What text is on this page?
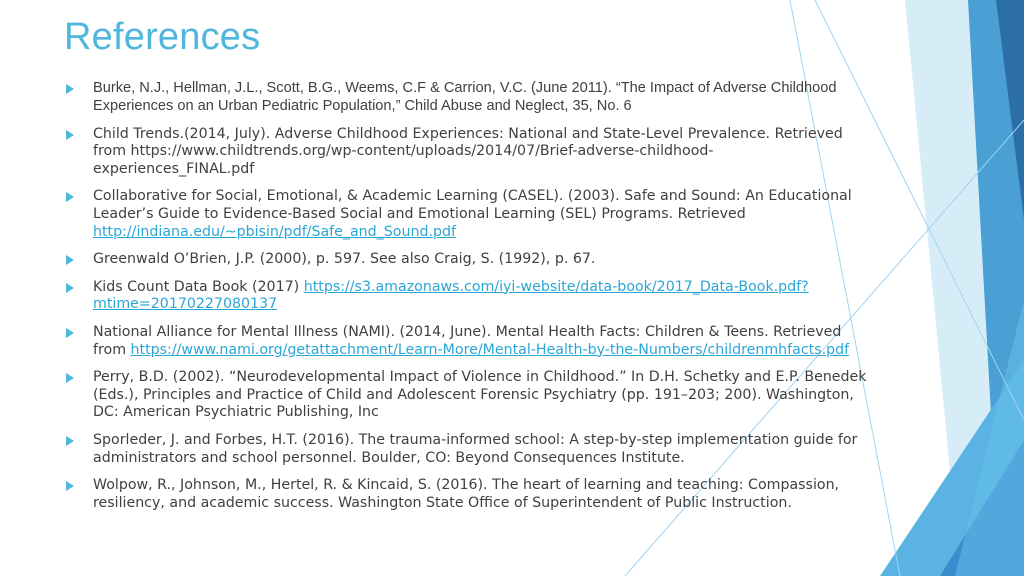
References
Burke, N.J., Hellman, J.L., Scott, B.G., Weems, C.F & Carrion, V.C. (June 2011). “The Impact of Adverse Childhood Experiences on an Urban Pediatric Population,” Child Abuse and Neglect, 35, No. 6
Child Trends.(2014, July). Adverse Childhood Experiences: National and State-Level Prevalence. Retrieved from https://www.childtrends.org/wp-content/uploads/2014/07/Brief-adverse-childhood-experiences_FINAL.pdf
Collaborative for Social, Emotional, & Academic Learning (CASEL). (2003). Safe and Sound: An Educational Leader’s Guide to Evidence-Based Social and Emotional Learning (SEL) Programs. Retrieved http://indiana.edu/~pbisin/pdf/Safe_and_Sound.pdf
Greenwald O’Brien, J.P. (2000), p. 597. See also Craig, S. (1992), p. 67.
Kids Count Data Book (2017) https://s3.amazonaws.com/iyi-website/data-book/2017_Data-Book.pdf?mtime=20170227080137
National Alliance for Mental Illness (NAMI). (2014, June). Mental Health Facts: Children & Teens. Retrieved from https://www.nami.org/getattachment/Learn-More/Mental-Health-by-the-Numbers/childrenmhfacts.pdf
Perry, B.D. (2002). “Neurodevelopmental Impact of Violence in Childhood.” In D.H. Schetky and E.P. Benedek (Eds.), Principles and Practice of Child and Adolescent Forensic Psychiatry (pp. 191–203; 200). Washington, DC: American Psychiatric Publishing, Inc
Sporleder, J. and Forbes, H.T. (2016). The trauma-informed school: A step-by-step implementation guide for administrators and school personnel. Boulder, CO: Beyond Consequences Institute.
Wolpow, R., Johnson, M., Hertel, R. & Kincaid, S. (2016). The heart of learning and teaching: Compassion, resiliency, and academic success. Washington State Office of Superintendent of Public Instruction.
